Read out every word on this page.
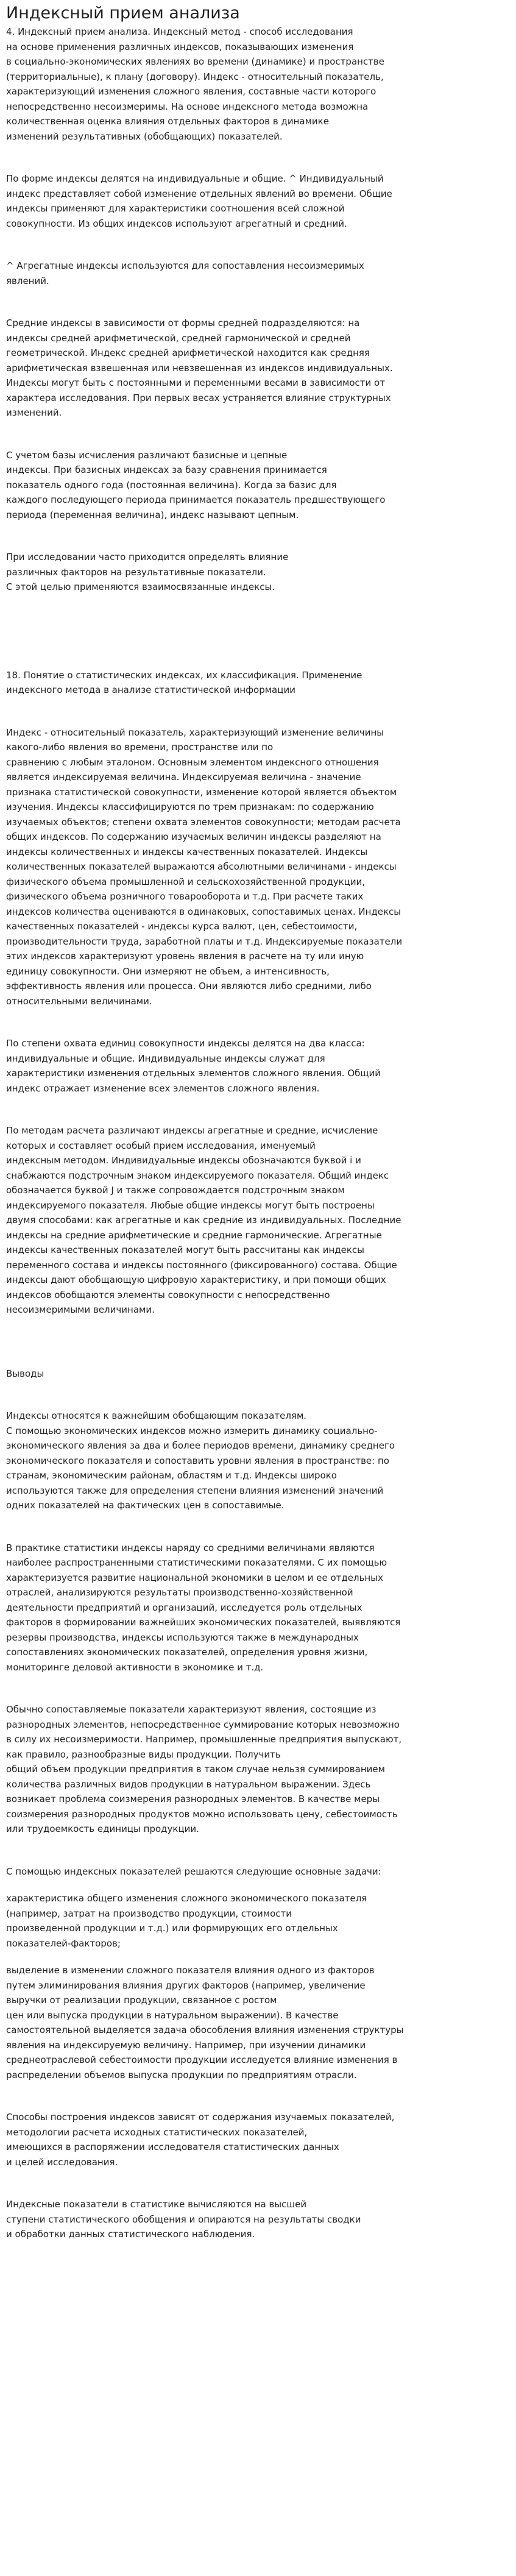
Индексный прием анализа

4. Индексный прием анализа. Индексный метод - способ исследования
на основе применения различных индексов, показывающих изменения
в социально-экономических явлениях во времени (динамике) и пространстве
(территориальные), к плану (договору). Индекс - относительный показатель,
характеризующий изменения сложного явления, составные части которого
непосредственно несоизмеримы. На основе индексного метода возможна
количественная оценка влияния отдельных факторов в динамике
изменений результативных (обобщающих) показателей.

По форме индексы делятся на индивидуальные и общие. ^ Индивидуальный
индекс представляет собой изменение отдельных явлений во времени. Общие
индексы применяют для характеристики соотношения всей сложной
совокупности. Из общих индексов используют агрегатный и средний.

^ Агрегатные индексы используются для сопоставления несоизмеримых
явлений.

Средние индексы в зависимости от формы средней подразделяются: на
индексы средней арифметической, средней гармонической и средней
геометрической. Индекс средней арифметической находится как средняя
арифметическая взвешенная или невзвешенная из индексов индивидуальных.
Индексы могут быть с постоянными и переменными весами в зависимости от
характера исследования. При первых весах устраняется влияние структурных
изменений.

С учетом базы исчисления различают базисные и цепные
индексы. При базисных индексах за базу сравнения принимается
показатель одного года (постоянная величина). Когда за базис для
каждого последующего периода принимается показатель предшествующего
периода (переменная величина), индекс называют цепным.

При исследовании часто приходится определять влияние
различных факторов на результативные показатели.
С этой целью применяются взаимосвязанные индексы.

18. Понятие о статистических индексах, их классификация. Применение
индексного метода в анализе статистической информации

Индекс - относительный показатель, характеризующий изменение величины
какого-либо явления во времени, пространстве или по
сравнению с любым эталоном. Основным элементом индексного отношения
является индексируемая величина. Индексируемая величина - значение
признака статистической совокупности, изменение которой является объектом
изучения. Индексы классифицируются по трем признакам: по содержанию
изучаемых объектов; степени охвата элементов совокупности; методам расчета
общих индексов. По содержанию изучаемых величин индексы разделяют на
индексы количественных и индексы качественных показателей. Индексы
количественных показателей выражаются абсолютными величинами - индексы
физического объема промышленной и сельскохозяйственной продукции,
физического объема розничного товарооборота и т.д. При расчете таких
индексов количества оцениваются в одинаковых, сопоставимых ценах. Индексы
качественных показателей - индексы курса валют, цен, себестоимости,
производительности труда, заработной платы и т.д. Индексируемые показатели
этих индексов характеризуют уровень явления в расчете на ту или иную
единицу совокупности. Они измеряют не объем, а интенсивность,
эффективность явления или процесса. Они являются либо средними, либо
относительными величинами.

По степени охвата единиц совокупности индексы делятся на два класса:
индивидуальные и общие. Индивидуальные индексы служат для
характеристики изменения отдельных элементов сложного явления. Общий
индекс отражает изменение всех элементов сложного явления.

По методам расчета различают индексы агрегатные и средние, исчисление
которых и составляет особый прием исследования, именуемый
индексным методом. Индивидуальные индексы обозначаются буквой i и
снабжаются подстрочным знаком индексируемого показателя. Общий индекс
обозначается буквой J и также сопровождается подстрочным знаком
индексируемого показателя. Любые общие индексы могут быть построены
двумя способами: как агрегатные и как средние из индивидуальных. Последние
индексы на средние арифметические и средние гармонические. Агрегатные
индексы качественных показателей могут быть рассчитаны как индексы
переменного состава и индексы постоянного (фиксированного) состава. Общие
индексы дают обобщающую цифровую характеристику, и при помощи общих
индексов обобщаются элементы совокупности с непосредственно
несоизмеримыми величинами.

Выводы

Индексы относятся к важнейшим обобщающим показателям.
С помощью экономических индексов можно измерить динамику социально-
экономического явления за два и более периодов времени, динамику среднего
экономического показателя и сопоставить уровни явления в пространстве: по
странам, экономическим районам, областям и т.д. Индексы широко
используются также для определения степени влияния изменений значений
одних показателей на фактических цен в сопоставимые.

В практике статистики индексы наряду со средними величинами являются
наиболее распространенными статистическими показателями. С их помощью
характеризуется развитие национальной экономики в целом и ее отдельных
отраслей, анализируются результаты производственно-хозяйственной
деятельности предприятий и организаций, исследуется роль отдельных
факторов в формировании важнейших экономических показателей, выявляются
резервы производства, индексы используются также в международных
сопоставлениях экономических показателей, определения уровня жизни,
мониторинге деловой активности в экономике и т.д.

Обычно сопоставляемые показатели характеризуют явления, состоящие из
разнородных элементов, непосредственное суммирование которых невозможно
в силу их несоизмеримости. Например, промышленные предприятия выпускают,
как правило, разнообразные виды продукции. Получить
общий объем продукции предприятия в таком случае нельзя суммированием
количества различных видов продукции в натуральном выражении. Здесь
возникает проблема соизмерения разнородных элементов. В качестве меры
соизмерения разнородных продуктов можно использовать цену, себестоимость
или трудоемкость единицы продукции.

С помощью индексных показателей решаются следующие основные задачи:

характеристика общего изменения сложного экономического показателя
(например, затрат на производство продукции, стоимости
произведенной продукции и т.д.) или формирующих его отдельных
показателей-факторов;

выделение в изменении сложного показателя влияния одного из факторов
путем элиминирования влияния других факторов (например, увеличение
выручки от реализации продукции, связанное с ростом
цен или выпуска продукции в натуральном выражении). В качестве
самостоятельной выделяется задача обособления влияния изменения структуры
явления на индексируемую величину. Например, при изучении динамики
среднеотраслевой себестоимости продукции исследуется влияние изменения в
распределении объемов выпуска продукции по предприятиям отрасли.

Способы построения индексов зависят от содержания изучаемых показателей,
методологии расчета исходных статистических показателей,
имеющихся в распоряжении исследователя статистических данных
и целей исследования.

Индексные показатели в статистике вычисляются на высшей
ступени статистического обобщения и опираются на результаты сводки
и обработки данных статистического наблюдения.
